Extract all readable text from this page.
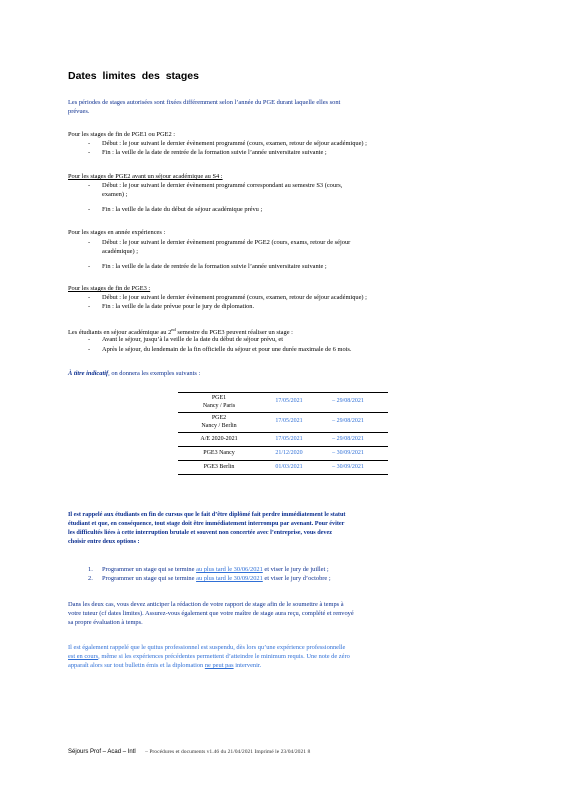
Dates limites des stages
Les périodes de stages autorisées sont fixées différemment selon l’année du PGE durant laquelle elles sont
prévues.
Pour les stages de fin de PGE1 ou PGE2 :
- Début : le jour suivant le dernier évènement programmé (cours, examen, retour de séjour académique) ;
- Fin : la veille de la date de rentrée de la formation suivie l’année universitaire suivante ;
Pour les stages de PGE2 avant un séjour académique au S4 :
- Début : le jour suivant le dernier évènement programmé correspondant au semestre S3 (cours,
examen) ;
- Fin : la veille de la date du début de séjour académique prévu ;
Pour les stages en année expériences :
- Début : le jour suivant le dernier évènement programmé de PGE2 (cours, exams, retour de séjour
académique) ;
- Fin : la veille de la date de rentrée de la formation suivie l’année universitaire suivante ;
Pour les stages de fin de PGE3 :
- Début : le jour suivant le dernier évènement programmé (cours, examen, retour de séjour académique) ;
- Fin : la veille de la date prévue pour le jury de diplomation.
Les étudiants en séjour académique au 2nd semestre du PGE3 peuvent réaliser un stage :
- Avant le séjour, jusqu’à la veille de la date du début de séjour prévu, et
- Après le séjour, du lendemain de la fin officielle du séjour et pour une durée maximale de 6 mois.
À titre indicatif, on donnera les exemples suivants :
PGE1
Nancy / Paris
17/05/2021	– 29/08/2021
PGE2
Nancy / Berlin
17/05/2021	– 29/08/2021
A/E 2020-2021	17/05/2021	– 29/08/2021
PGE3 Nancy	21/12/2020	– 30/09/2021
PGE3 Berlin	01/03/2021	– 30/09/2021
Il est rappelé aux étudiants en fin de cursus que le fait d’être diplômé fait perdre immédiatement le statut
étudiant et que, en conséquence, tout stage doit être immédiatement interrompu par avenant. Pour éviter
les difficultés liées à cette interruption brutale et souvent non concertée avec l’entreprise, vous devez
choisir entre deux options :
1. Programmer un stage qui se termine au plus tard le 30/06/2021 et viser le jury de juillet ;
2. Programmer un stage qui se termine au plus tard le 30/09/2021 et viser le jury d’octobre ;
Dans les deux cas, vous devez anticiper la rédaction de votre rapport de stage afin de le soumettre à temps à
votre tuteur (cf dates limites). Assurez-vous également que votre maître de stage aura reçu, complété et renvoyé
sa propre évaluation à temps.
Il est également rappelé que le quitus professionnel est suspendu, dès lors qu’une expérience professionnelle
est en cours, même si les expériences précédentes permettent d’atteindre le minimum requis. Une note de zéro
apparaît alors sur tout bulletin émis et la diplomation ne peut pas intervenir.
Séjours Prof – Acad – Intl – Procédures et documents v1.46 du 21/04/2021 Imprimé le 23/04/2021 8
